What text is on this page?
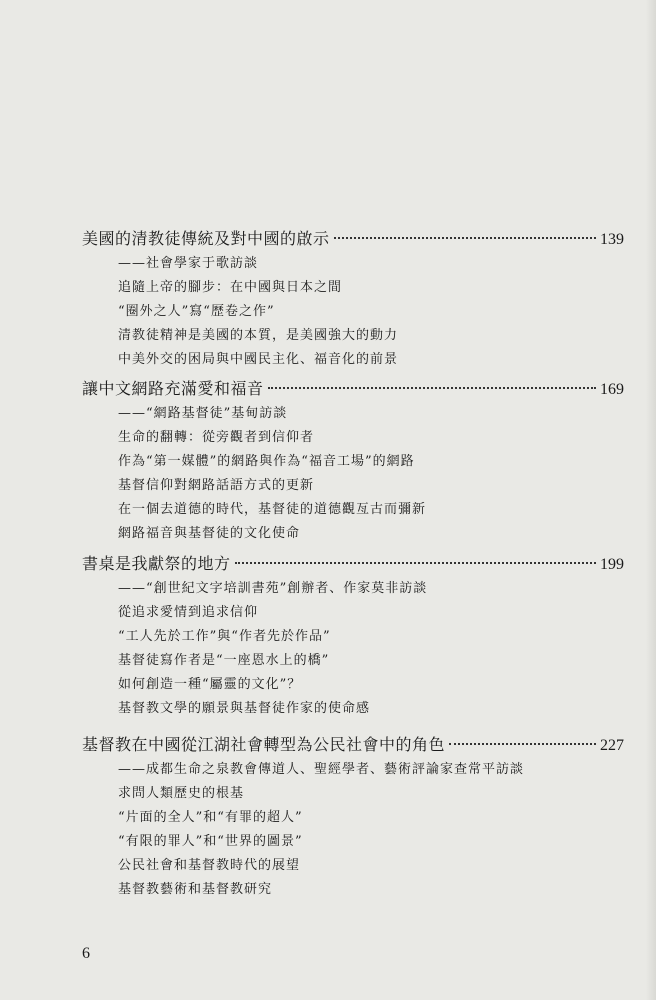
美國的清教徒傳統及對中國的啟示	139
——社會學家于歌訪談
追隨上帝的腳步：在中國與日本之間
“圈外之人”寫“歷卷之作”
清教徒精神是美國的本質，是美國強大的動力
中美外交的困局與中國民主化、福音化的前景
讓中文網路充滿愛和福音	169
——“網路基督徒”基甸訪談
生命的翻轉：從旁觀者到信仰者
作為“第一媒體”的網路與作為“福音工場”的網路
基督信仰對網路話語方式的更新
在一個去道德的時代，基督徒的道德觀亙古而彌新
網路福音與基督徒的文化使命
書桌是我獻祭的地方	199
——“創世紀文字培訓書苑”創辦者、作家莫非訪談
從追求愛情到追求信仰
“工人先於工作”與“作者先於作品”
基督徒寫作者是“一座恩水上的橋”
如何創造一種“屬靈的文化”？
基督教文學的願景與基督徒作家的使命感
基督教在中國從江湖社會轉型為公民社會中的角色	227
——成都生命之泉教會傳道人、聖經學者、藝術評論家查常平訪談
求問人類歷史的根基
“片面的全人”和“有罪的超人”
“有限的罪人”和“世界的圖景”
公民社會和基督教時代的展望
基督教藝術和基督教研究
6
